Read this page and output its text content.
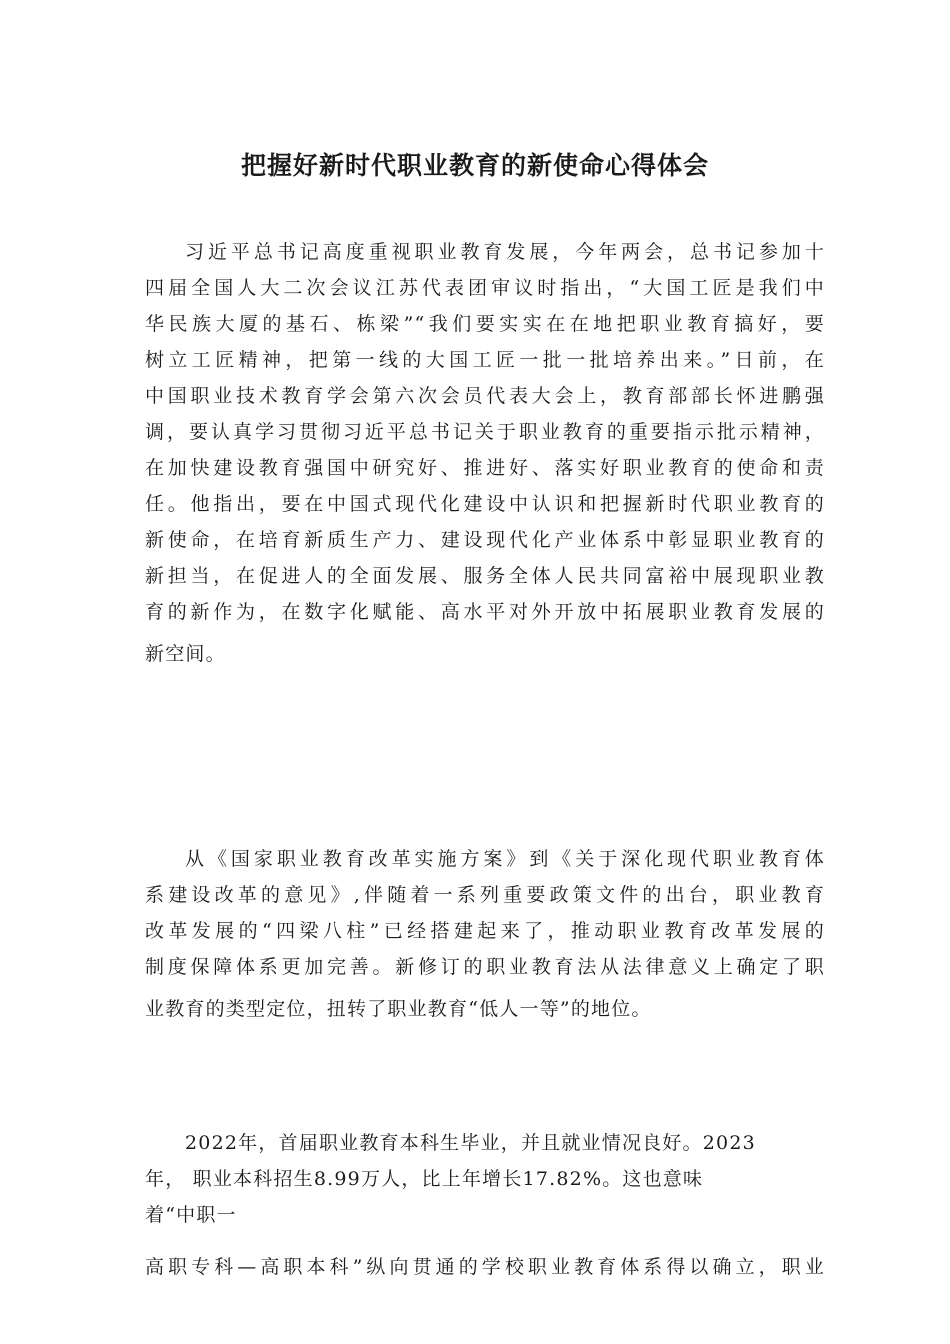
把握好新时代职业教育的新使命心得体会
习近平总书记高度重视职业教育发展，今年两会，总书记参加十
四届全国人大二次会议江苏代表团审议时指出，“大国工匠是我们中
华民族大厦的基石、栋梁”“我们要实实在在地把职业教育搞好，要
树立工匠精神，把第一线的大国工匠一批一批培养出来。”日前，在
中国职业技术教育学会第六次会员代表大会上，教育部部长怀进鹏强
调，要认真学习贯彻习近平总书记关于职业教育的重要指示批示精神，
在加快建设教育强国中研究好、推进好、落实好职业教育的使命和责
任。他指出，要在中国式现代化建设中认识和把握新时代职业教育的
新使命，在培育新质生产力、建设现代化产业体系中彰显职业教育的
新担当，在促进人的全面发展、服务全体人民共同富裕中展现职业教
育的新作为，在数字化赋能、高水平对外开放中拓展职业教育发展的
新空间。
从《国家职业教育改革实施方案》到《关于深化现代职业教育体
系建设改革的意见》,伴随着一系列重要政策文件的出台，职业教育
改革发展的“四梁八柱”已经搭建起来了，推动职业教育改革发展的
制度保障体系更加完善。新修订的职业教育法从法律意义上确定了职
业教育的类型定位，扭转了职业教育“低人一等”的地位。
2022年，首届职业教育本科生毕业，并且就业情况良好。2023
年， 职业本科招生8.99万人，比上年增长17.82%。这也意味
着“中职一
高职专科—高职本科”纵向贯通的学校职业教育体系得以确立，职业
